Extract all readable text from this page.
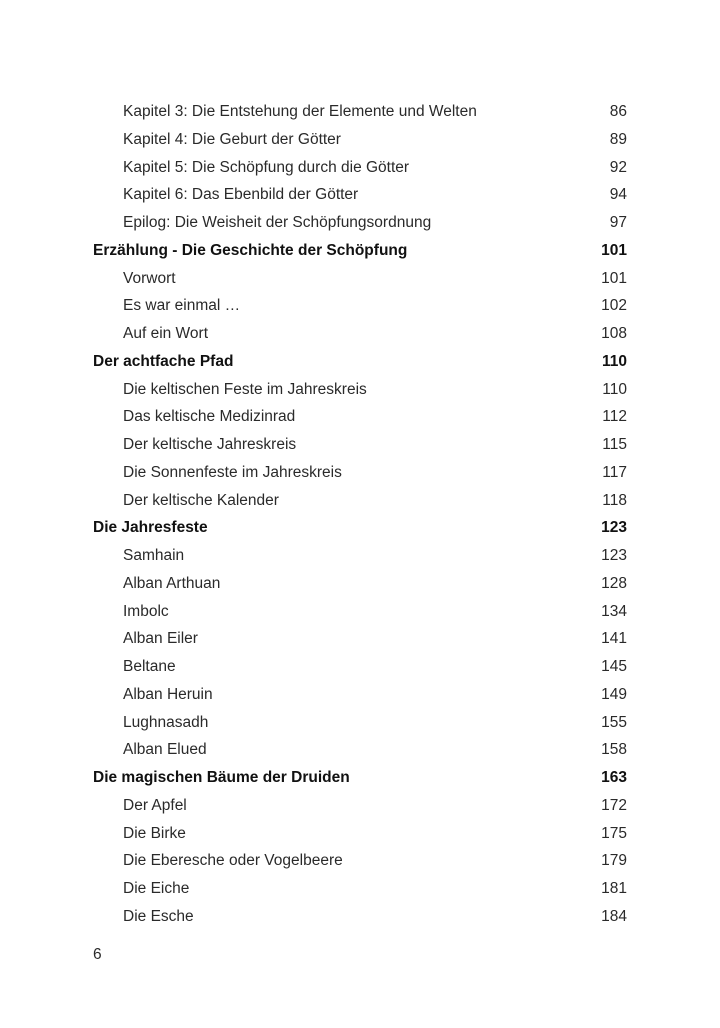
Kapitel 3: Die Entstehung der Elemente und Welten	86
Kapitel 4: Die Geburt der Götter	89
Kapitel 5: Die Schöpfung durch die Götter	92
Kapitel 6: Das Ebenbild der Götter	94
Epilog: Die Weisheit der Schöpfungsordnung	97
Erzählung - Die Geschichte der Schöpfung	101
Vorwort	101
Es war einmal …	102
Auf ein Wort	108
Der achtfache Pfad	110
Die keltischen Feste im Jahreskreis	110
Das keltische Medizinrad	112
Der keltische Jahreskreis	115
Die Sonnenfeste im Jahreskreis	117
Der keltische Kalender	118
Die Jahresfeste	123
Samhain	123
Alban Arthuan	128
Imbolc	134
Alban Eiler	141
Beltane	145
Alban Heruin	149
Lughnasadh	155
Alban Elued	158
Die magischen Bäume der Druiden	163
Der Apfel	172
Die Birke	175
Die Eberesche oder Vogelbeere	179
Die Eiche	181
Die Esche	184
6
